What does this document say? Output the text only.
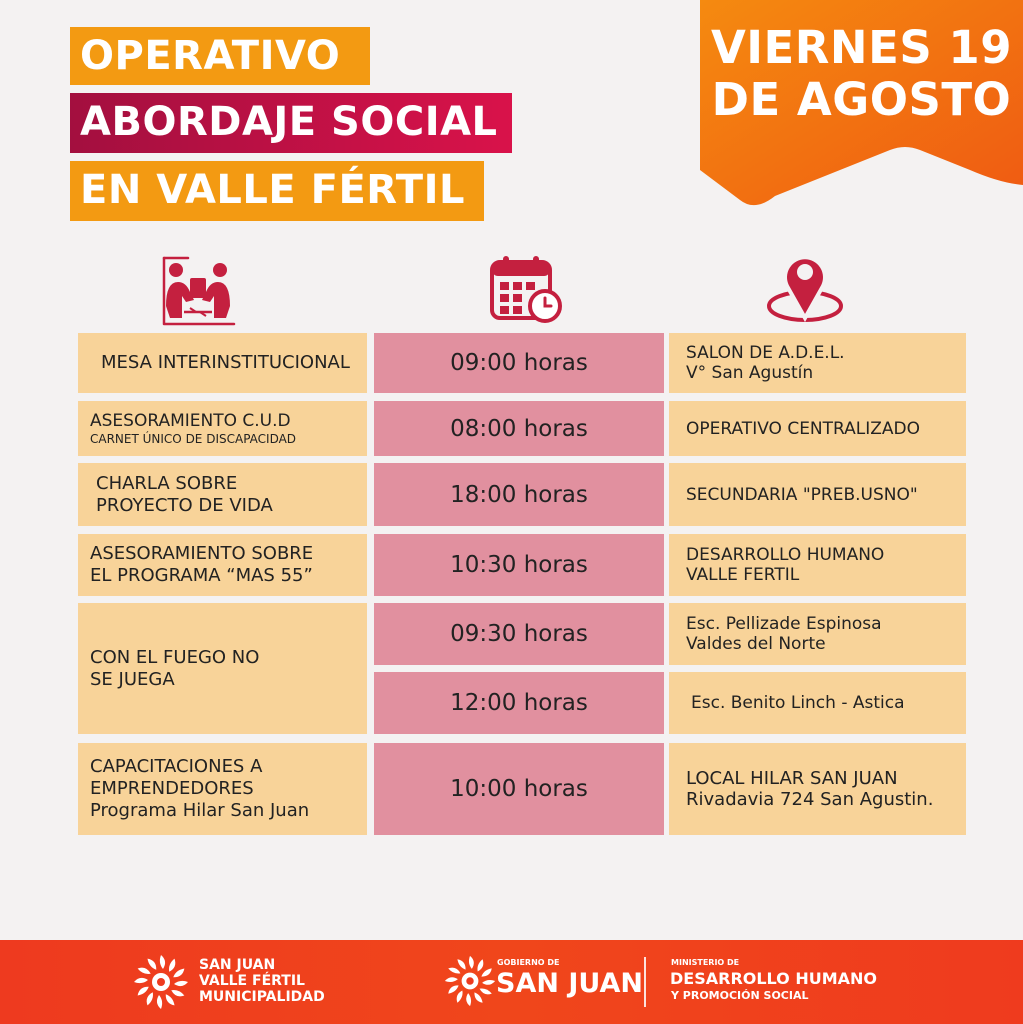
OPERATIVO
ABORDAJE SOCIAL
EN VALLE FÉRTIL
VIERNES 19
DE AGOSTO
MESA INTERINSTITUCIONAL	09:00 horas	SALON DE A.D.E.L.
V° San Agustín
ASESORAMIENTO C.U.D
CARNET ÚNICO DE DISCAPACIDAD	08:00 horas	OPERATIVO CENTRALIZADO
CHARLA SOBRE
PROYECTO DE VIDA	18:00 horas	SECUNDARIA "PREB.USNO"
ASESORAMIENTO SOBRE
EL PROGRAMA “MAS 55”	10:30 horas	DESARROLLO HUMANO
VALLE FERTIL
CON EL FUEGO NO
SE JUEGA
09:30 horas	Esc. Pellizade Espinosa
Valdes del Norte
12:00 horas	Esc. Benito Linch - Astica
CAPACITACIONES A
EMPRENDEDORES
Programa Hilar San Juan
10:00 horas	LOCAL HILAR SAN JUAN
Rivadavia 724 San Agustin.
SAN JUAN
VALLE FÉRTIL
MUNICIPALIDAD
GOBIERNO DE
SAN JUAN
MINISTERIO DE
DESARROLLO HUMANO
Y PROMOCIÓN SOCIAL
